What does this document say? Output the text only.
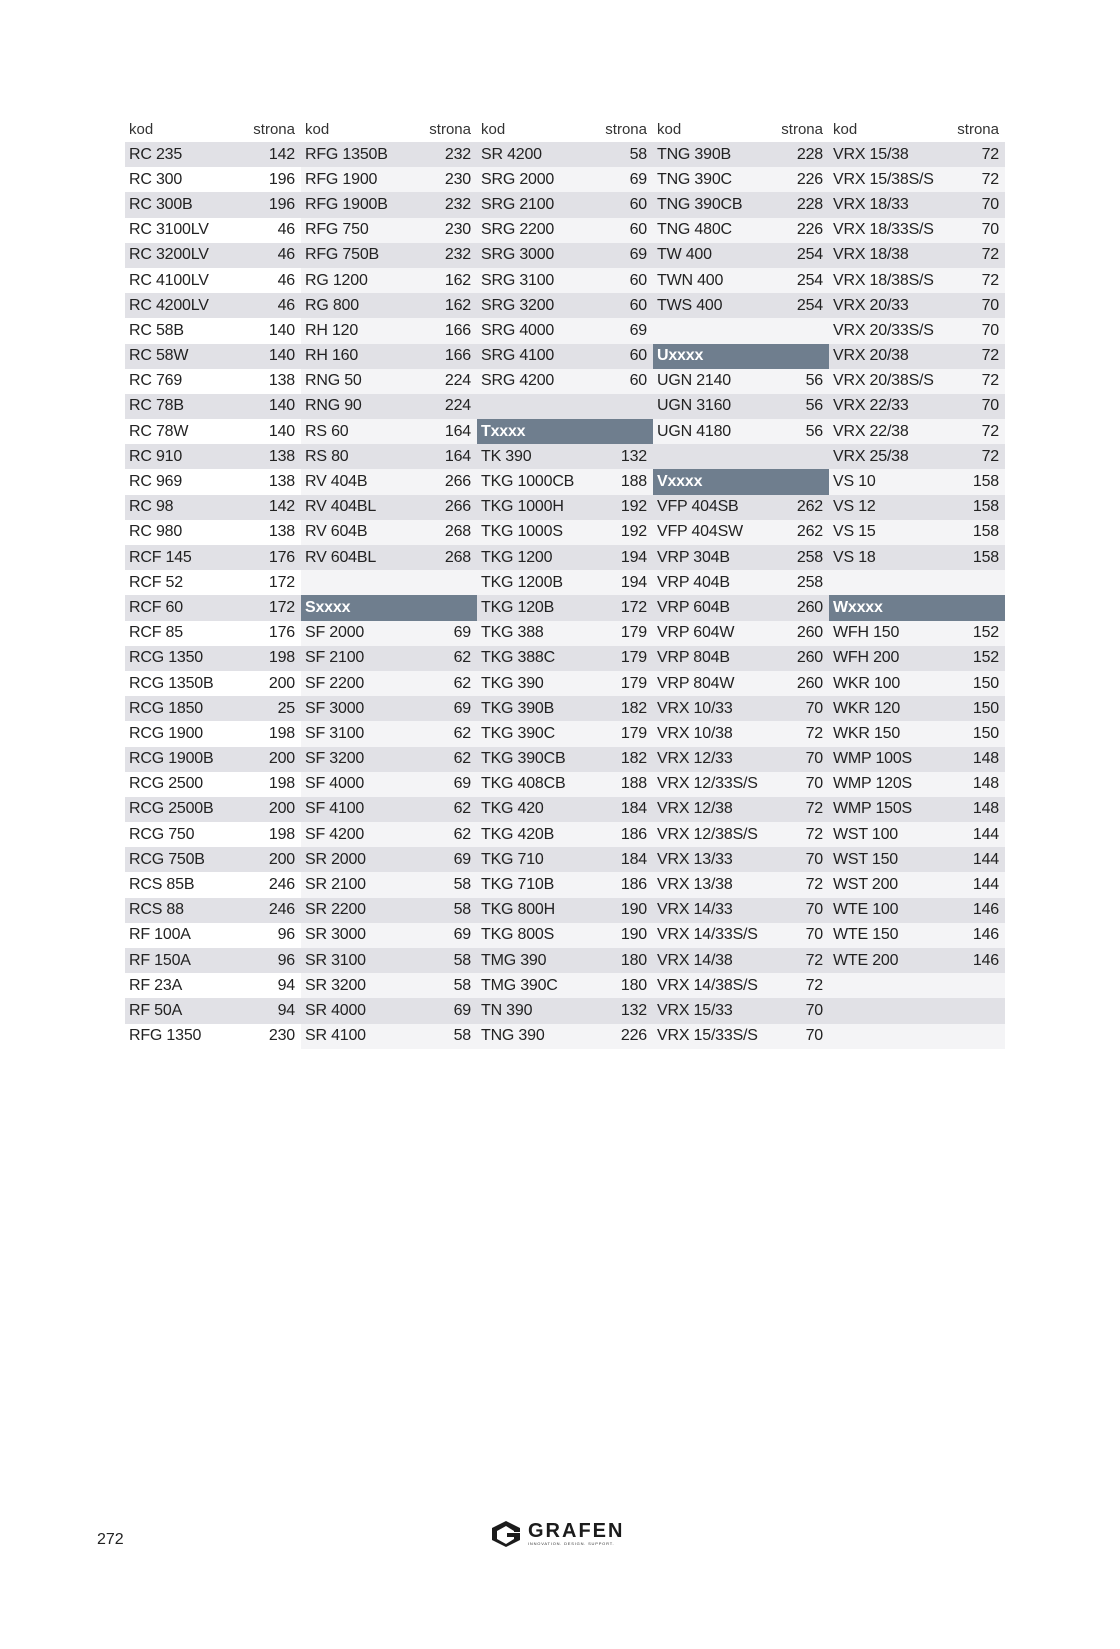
kod	strona
RC 235	142
RC 300	196
RC 300B	196
RC 3100LV	46
RC 3200LV	46
RC 4100LV	46
RC 4200LV	46
RC 58B	140
RC 58W	140
RC 769	138
RC 78B	140
RC 78W	140
RC 910	138
RC 969	138
RC 98	142
RC 980	138
RCF 145	176
RCF 52	172
RCF 60	172
RCF 85	176
RCG 1350	198
RCG 1350B	200
RCG 1850	25
RCG 1900	198
RCG 1900B	200
RCG 2500	198
RCG 2500B	200
RCG 750	198
RCG 750B	200
RCS 85B	246
RCS 88	246
RF 100A	96
RF 150A	96
RF 23A	94
RF 50A	94
RFG 1350	230
kod	strona
RFG 1350B	232
RFG 1900	230
RFG 1900B	232
RFG 750	230
RFG 750B	232
RG 1200	162
RG 800	162
RH 120	166
RH 160	166
RNG 50	224
RNG 90	224
RS 60	164
RS 80	164
RV 404B	266
RV 404BL	266
RV 604B	268
RV 604BL	268
Sxxxx
SF 2000	69
SF 2100	62
SF 2200	62
SF 3000	69
SF 3100	62
SF 3200	62
SF 4000	69
SF 4100	62
SF 4200	62
SR 2000	69
SR 2100	58
SR 2200	58
SR 3000	69
SR 3100	58
SR 3200	58
SR 4000	69
SR 4100	58
kod	strona
SR 4200	58
SRG 2000	69
SRG 2100	60
SRG 2200	60
SRG 3000	69
SRG 3100	60
SRG 3200	60
SRG 4000	69
SRG 4100	60
SRG 4200	60
Txxxx
TK 390	132
TKG 1000CB	188
TKG 1000H	192
TKG 1000S	192
TKG 1200	194
TKG 1200B	194
TKG 120B	172
TKG 388	179
TKG 388C	179
TKG 390	179
TKG 390B	182
TKG 390C	179
TKG 390CB	182
TKG 408CB	188
TKG 420	184
TKG 420B	186
TKG 710	184
TKG 710B	186
TKG 800H	190
TKG 800S	190
TMG 390	180
TMG 390C	180
TN 390	132
TNG 390	226
kod	strona
TNG 390B	228
TNG 390C	226
TNG 390CB	228
TNG 480C	226
TW 400	254
TWN 400	254
TWS 400	254
Uxxxx
UGN 2140	56
UGN 3160	56
UGN 4180	56
Vxxxx
VFP 404SB	262
VFP 404SW	262
VRP 304B	258
VRP 404B	258
VRP 604B	260
VRP 604W	260
VRP 804B	260
VRP 804W	260
VRX 10/33	70
VRX 10/38	72
VRX 12/33	70
VRX 12/33S/S	70
VRX 12/38	72
VRX 12/38S/S	72
VRX 13/33	70
VRX 13/38	72
VRX 14/33	70
VRX 14/33S/S	70
VRX 14/38	72
VRX 14/38S/S	72
VRX 15/33	70
VRX 15/33S/S	70
kod	strona
VRX 15/38	72
VRX 15/38S/S	72
VRX 18/33	70
VRX 18/33S/S	70
VRX 18/38	72
VRX 18/38S/S	72
VRX 20/33	70
VRX 20/33S/S	70
VRX 20/38	72
VRX 20/38S/S	72
VRX 22/33	70
VRX 22/38	72
VRX 25/38	72
VS 10	158
VS 12	158
VS 15	158
VS 18	158
Wxxxx
WFH 150	152
WFH 200	152
WKR 100	150
WKR 120	150
WKR 150	150
WMP 100S	148
WMP 120S	148
WMP 150S	148
WST 100	144
WST 150	144
WST 200	144
WTE 100	146
WTE 150	146
WTE 200	146
272	GRAFEN
INNOVATION. DESIGN. SUPPORT.
